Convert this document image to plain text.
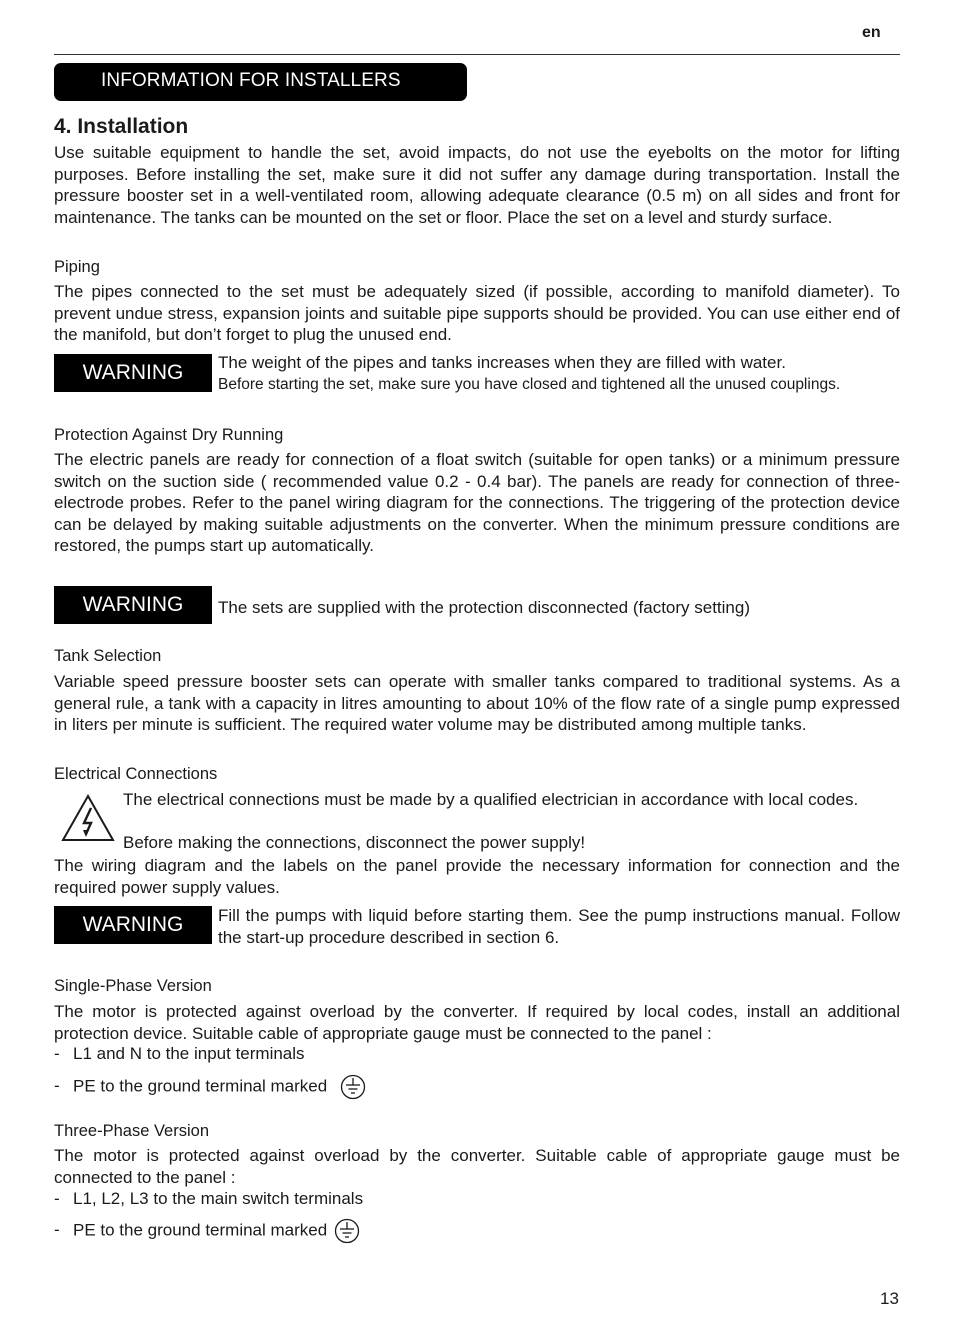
en
INFORMATION FOR INSTALLERS
4. Installation

Use suitable equipment to handle the set, avoid impacts, do not use the eyebolts on the motor for lifting purposes. Before installing the set, make sure it did not suffer any damage during transportation. Install the pressure booster set in a well-ventilated room, allowing adequate clearance (0.5 m) on all sides and front for maintenance. The tanks can be mounted on the set or floor. Place the set on a level and sturdy surface.

Piping

The pipes connected to the set must be adequately sized (if possible, according to manifold diameter). To prevent undue stress, expansion joints and suitable pipe supports should be provided. You can use either end of the manifold, but don’t forget to plug the unused end.

WARNING	The weight of the pipes and tanks increases when they are filled with water.
Before starting the set, make sure you have closed and tightened all the unused couplings.
Protection Against Dry Running

The electric panels are ready for connection of a float switch (suitable for open tanks) or a minimum pressure switch on the suction side ( recommended value 0.2 - 0.4 bar). The panels are ready for connection of three-electrode probes. Refer to the panel wiring diagram for the connections. The triggering of the protection device can be delayed by making suitable adjustments on the converter. When the minimum pressure conditions are restored, the pumps start up automatically.

WARNING	The sets are supplied with the protection disconnected (factory setting)
Tank Selection

Variable speed pressure booster sets can operate with smaller tanks compared to traditional systems. As a general rule, a tank with a capacity in litres amounting to about 10% of the flow rate of a single pump expressed in liters per minute is sufficient. The required water volume may be distributed among multiple tanks.

Electrical Connections

The electrical connections must be made by a qualified electrician in accordance with local codes.

Before making the connections, disconnect the power supply!

The wiring diagram and the labels on the panel provide the necessary information for connection and the required power supply values.

WARNING	Fill the pumps with liquid before starting them. See the pump instructions manual. Follow the start-up procedure described in section 6.

Single-Phase Version

The motor is protected against overload by the converter. If required by local codes, install an additional protection device. Suitable cable of appropriate gauge must be connected to the panel :

- L1 and N to the input terminals
- PE to the ground terminal marked
Three-Phase Version

The motor is protected against overload by the converter. Suitable cable of appropriate gauge must be connected to the panel :

- L1, L2, L3 to the main switch terminals
- PE to the ground terminal marked
13
